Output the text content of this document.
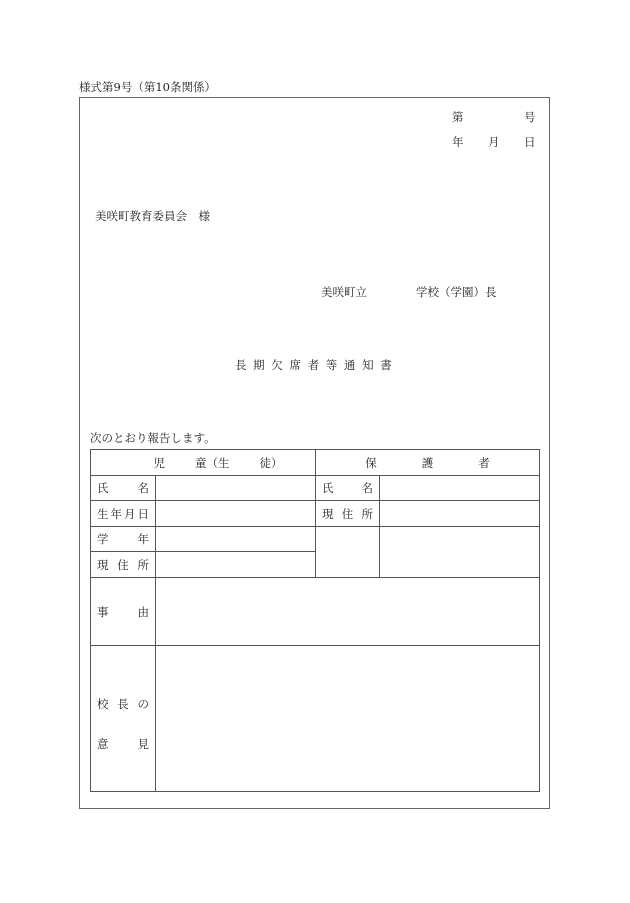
様式第9号（第10条関係）
第	号
年 月 日
美咲町教育委員会　様
美咲町立	学校（学園）長
長 期 欠 席 者 等 通 知 書
次のとおり報告します。
児 童（生 徒）		保 護 者	

氏 名		氏 名	

生 年 月 日		現 住 所	

学 年			

現 住 所			

事 由			

校 長 の
意 見			
